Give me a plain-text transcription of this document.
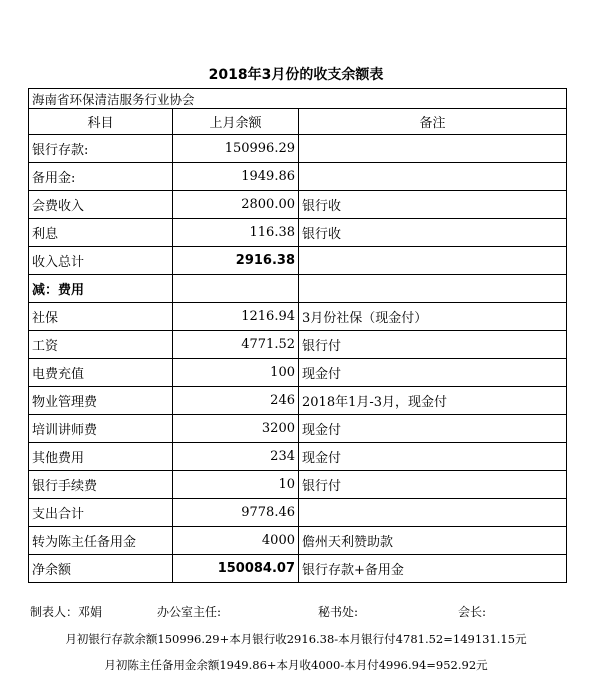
2018年3月份的收支余额表
海南省环保清洁服务行业协会		
科目	上月余额	备注
银行存款:	150996.29	
备用金:	1949.86	
会费收入	2800.00	银行收
利息	116.38	银行收
收入总计	2916.38	
减：费用		
社保	1216.94	3月份社保（现金付）
工资	4771.52	银行付
电费充值	100	现金付
物业管理费	246	2018年1月-3月，现金付
培训讲师费	3200	现金付
其他费用	234	现金付
银行手续费	10	银行付
支出合计	9778.46	
转为陈主任备用金	4000	儋州天利赞助款
净余额	150084.07	银行存款+备用金
制表人：邓娟	办公室主任:	秘书处:	会长:
月初银行存款余额150996.29+本月银行收2916.38-本月银行付4781.52=149131.15元
月初陈主任备用金余额1949.86+本月收4000-本月付4996.94=952.92元
